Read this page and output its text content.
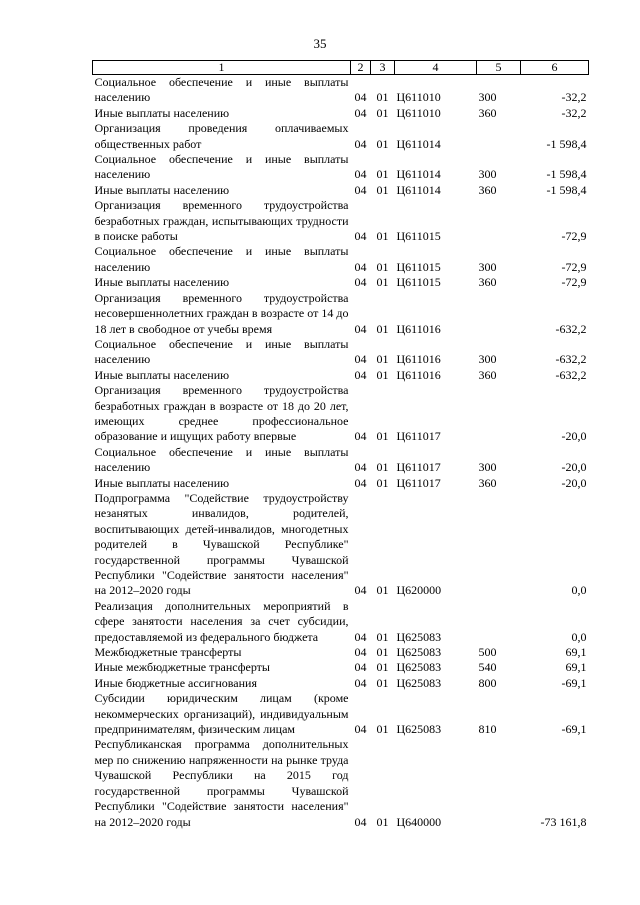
35
1	2	3	4	5	6
Социальное обеспечение и иные выплаты населению	04	01	Ц611010	300	-32,2
Иные выплаты населению	04	01	Ц611010	360	-32,2
Организация проведения оплачиваемых общественных работ	04	01	Ц611014		-1 598,4
Социальное обеспечение и иные выплаты населению	04	01	Ц611014	300	-1 598,4
Иные выплаты населению	04	01	Ц611014	360	-1 598,4
Организация временного трудоустройства безработных граждан, испытывающих трудности в поиске работы	04	01	Ц611015		-72,9
Социальное обеспечение и иные выплаты населению	04	01	Ц611015	300	-72,9
Иные выплаты населению	04	01	Ц611015	360	-72,9
Организация временного трудоустройства несовершеннолетних граждан в возрасте от 14 до 18 лет в свободное от учебы время	04	01	Ц611016		-632,2
Социальное обеспечение и иные выплаты населению	04	01	Ц611016	300	-632,2
Иные выплаты населению	04	01	Ц611016	360	-632,2
Организация временного трудоустройства безработных граждан в возрасте от 18 до 20 лет, имеющих среднее профессиональное образование и ищущих работу впервые	04	01	Ц611017		-20,0
Социальное обеспечение и иные выплаты населению	04	01	Ц611017	300	-20,0
Иные выплаты населению	04	01	Ц611017	360	-20,0
Подпрограмма "Содействие трудоустройству незанятых инвалидов, родителей, воспитывающих детей-инвалидов, многодетных родителей в Чувашской Республике" государственной программы Чувашской Республики "Содействие занятости населения" на 2012–2020 годы	04	01	Ц620000		0,0
Реализация дополнительных мероприятий в сфере занятости населения за счет субсидии, предоставляемой из федерального бюджета	04	01	Ц625083		0,0
Межбюджетные трансферты	04	01	Ц625083	500	69,1
Иные межбюджетные трансферты	04	01	Ц625083	540	69,1
Иные бюджетные ассигнования	04	01	Ц625083	800	-69,1
Субсидии юридическим лицам (кроме некоммерческих организаций), индивидуальным предпринимателям, физическим лицам	04	01	Ц625083	810	-69,1
Республиканская программа дополнительных мер по снижению напряженности на рынке труда Чувашской Республики на 2015 год государственной программы Чувашской Республики "Содействие занятости населения" на 2012–2020 годы	04	01	Ц640000		-73 161,8
